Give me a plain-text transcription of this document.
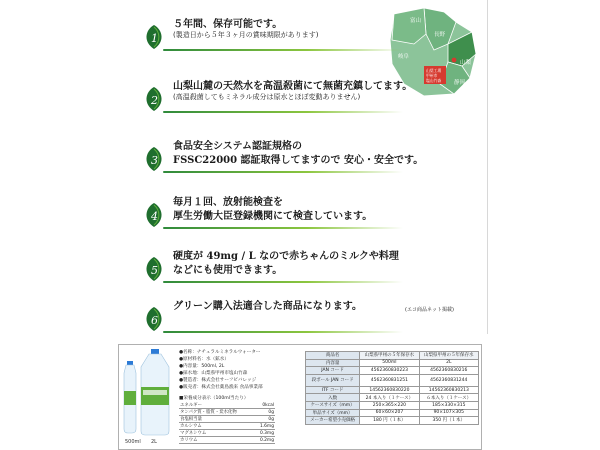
富山
長野
岐阜
山梨
静岡
山梨工場
甲州市
塩山竹森
1
５年間、保存可能です。
(製造日から５年３ヶ月の賞味期限があります)
2
山梨山麓の天然水を高温殺菌にて無菌充鎮してます。
(高温殺菌してもミネラル成分は原水とほぼ変動ありません)
3
食品安全システム認証規格の
FSSC22000 認証取得してますので 安心・安全です。
4
毎月１回、放射能検査を
厚生労働大臣登録機関にて検査しています。
5
硬度が 49mg / L なので赤ちゃんのミルクや料理
などにも使用できます。
6
グリーン購入法適合した商品になります。	(エコ商品ネット掲載)
500ml 2L
●名称：ナチュラルミネラルウォーター
●原材料名：水（鉱水）
●内容量：500ml, 2L
●採水地：山梨県甲州市塩山竹森
●製造者：株式会社サーフビバレッジ
●販売者：株式会社薬島漁来 食品事業部
■栄養成分表示（100ml当たり）
エネルギー	0kcal
タンパク質・脂質・炭水化物	0g
食塩相当量	0g
カルシウム	1.6mg
マグネシウム	0.3mg
カリウム	0.2mg
商品名	山梨県甲州の５年保存水	山梨県甲州の５年保存水
内容量	500ml	2L
JAN コード	4562360830223	4562360830216
段ボール JAN コード	4562360831251	4562360831244
ITF コード	14562360830220	14562360830213
入数	24 本入り（１ケース）	６本入り（１ケース）
ケースサイズ（mm）	250×365×220	185×330×315
単品サイズ（mm）	60×60×207	90×107×305
メーカー希望小売価格	180 円（１本）	350 円（１本）
